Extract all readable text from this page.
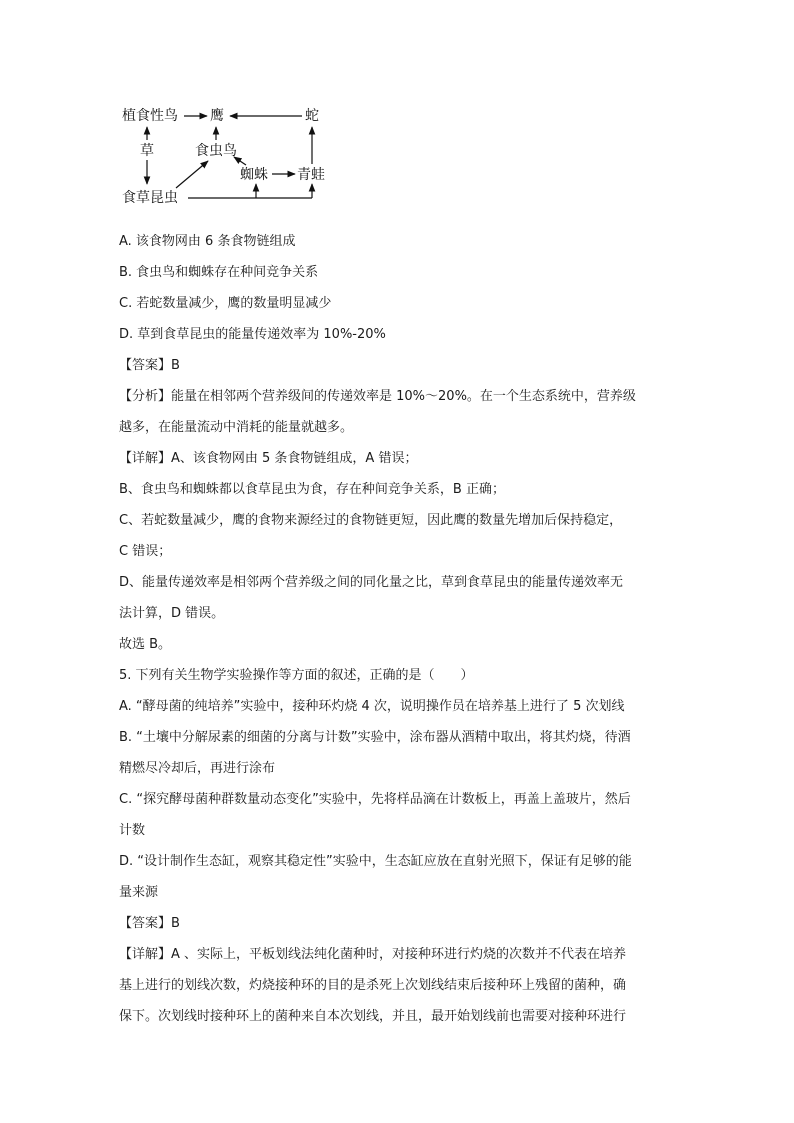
植食性鸟 鹰	蛇
草	食虫鸟
蜘蛛 青蛙
食草昆虫
A. 该食物网由 6 条食物链组成
B. 食虫鸟和蜘蛛存在种间竞争关系
C. 若蛇数量减少，鹰的数量明显减少
D. 草到食草昆虫的能量传递效率为 10%-20%
【答案】B
【分析】能量在相邻两个营养级间的传递效率是 10%～20%。在一个生态系统中，营养级
越多，在能量流动中消耗的能量就越多。
【详解】A、该食物网由 5 条食物链组成，A 错误；
B、食虫鸟和蜘蛛都以食草昆虫为食，存在种间竞争关系，B 正确；
C、若蛇数量减少，鹰的食物来源经过的食物链更短，因此鹰的数量先增加后保持稳定，
C 错误；
D、能量传递效率是相邻两个营养级之间的同化量之比，草到食草昆虫的能量传递效率无
法计算，D 错误。
故选 B。
5. 下列有关生物学实验操作等方面的叙述，正确的是（　　）
A. “酵母菌的纯培养”实验中，接种环灼烧 4 次，说明操作员在培养基上进行了 5 次划线
B. “土壤中分解尿素的细菌的分离与计数”实验中，涂布器从酒精中取出，将其灼烧，待酒
精燃尽冷却后，再进行涂布
C. “探究酵母菌种群数量动态变化”实验中，先将样品滴在计数板上，再盖上盖玻片，然后
计数
D. “设计制作生态缸，观察其稳定性”实验中，生态缸应放在直射光照下，保证有足够的能
量来源
【答案】B
【详解】A 、实际上，平板划线法纯化菌种时，对接种环进行灼烧的次数并不代表在培养
基上进行的划线次数，灼烧接种环的目的是杀死上次划线结束后接种环上残留的菌种，确
保下。次划线时接种环上的菌种来自本次划线，并且，最开始划线前也需要对接种环进行
